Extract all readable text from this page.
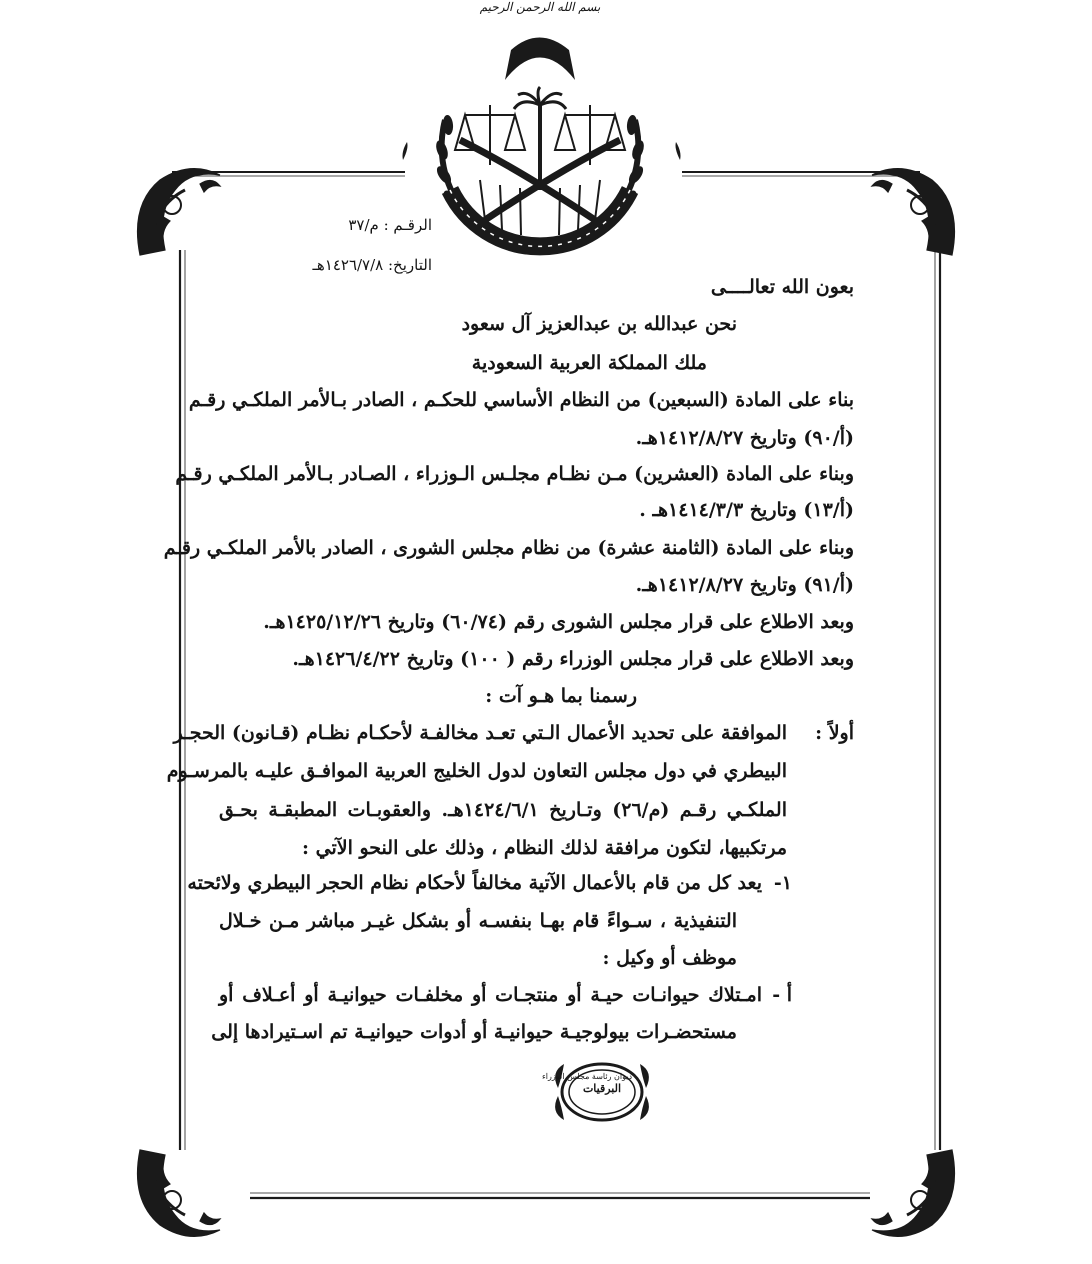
بسم الله الرحمن الرحيم
الرقـم : م/٣٧
التاريخ: ١٤٢٦/٧/٨هـ
بعون الله تعالــــى
نحن عبدالله بن عبدالعزيز آل سعود
ملك المملكة العربية السعودية
بناء على المادة (السبعين) من النظام الأساسي للحكـم ، الصادر بـالأمر الملكـي رقـم
(أ/٩٠) وتاريخ ١٤١٢/٨/٢٧هـ.
وبناء على المادة (العشرين) مـن نظـام مجلـس الـوزراء ، الصـادر بـالأمر الملكـي رقـم
(أ/١٣) وتاريخ ١٤١٤/٣/٣هـ .
وبناء على المادة (الثامنة عشرة) من نظام مجلس الشورى ، الصادر بالأمر الملكـي رقـم
(أ/٩١) وتاريخ ١٤١٢/٨/٢٧هـ.
وبعد الاطلاع على قرار مجلس الشورى رقم (٦٠/٧٤) وتاريخ ١٤٢٥/١٢/٢٦هـ.
وبعد الاطلاع على قرار مجلس الوزراء رقم ( ١٠٠) وتاريخ ١٤٢٦/٤/٢٢هـ.
رسمنا بما هـو آت :
أولاً :
الموافقة على تحديد الأعمال الـتي تعـد مخالفـة لأحكـام نظـام (قـانون) الحجـر
البيطري في دول مجلس التعاون لدول الخليج العربية الموافـق عليـه بالمرسـوم
الملكـي رقـم (م/٢٦) وتـاريخ ١٤٢٤/٦/١هـ. والعقوبـات المطبقـة بحـق
مرتكبيها، لتكون مرافقة لذلك النظام ، وذلك على النحو الآتي :
١-
يعد كل من قام بالأعمال الآتية مخالفاً لأحكام نظام الحجر البيطري ولائحته
التنفيذية ، سـواءً قام بهـا بنفسـه أو بشكل غيـر مباشر مـن خـلال
موظف أو وكيل :
أ -
امـتلاك حيوانـات حيـة أو منتجـات أو مخلفـات حيوانيـة أو أعـلاف أو
مستحضـرات بيولوجيـة حيوانيـة أو أدوات حيوانيـة تم اسـتيرادها إلى
البرقيات
ديوان رئاسة مجلس الوزراء
